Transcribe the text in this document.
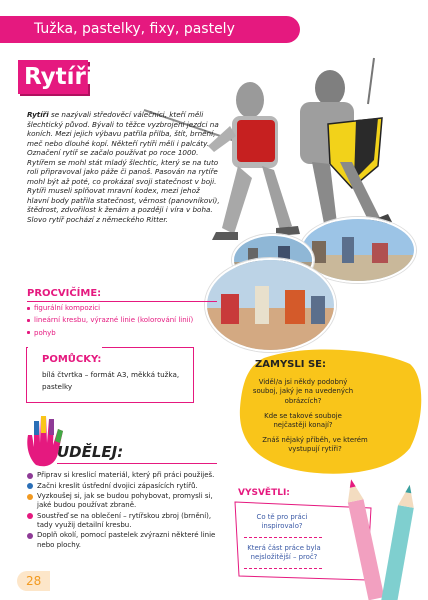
Tužka, pastelky, fixy, pastely
Rytíři

Rytíři se nazývali středověcí válečníci, kteří měli šlechtický původ. Bývali to těžce vyzbrojení jezdci na koních. Mezi jejich výbavu patřila přilba, štít, brnění, meč nebo dlouhé kopí. Někteří rytíři měli i palcáty.

Označení rytíř se začalo používat po roce 1000. Rytířem se mohl stát mladý šlechtic, který se na tuto roli připravoval jako páže či panoš. Pasován na rytíře mohl být až poté, co prokázal svoji statečnost v boji. Rytíři museli splňovat mravní kodex, mezi jehož hlavní body patřila statečnost, věrnost (panovníkovi), štědrost, zdvořilost k ženám a později i víra v boha. Slovo rytíř pochází z německého Ritter.

PROCVIČÍME:
figurální kompozici
lineární kresbu, výrazné linie (kolorování linií)
pohyb
POMŮCKY:
bílá čtvrtka – formát A3, měkká tužka, pastelky
ZAMYSLI SE:
Viděl/a jsi někdy podobný souboj, jaký je na uvedených obrázcích?
Kde se takové souboje nejčastěji konají?
Znáš nějaký příběh, ve kterém vystupují rytíři?
UDĚLEJ:
Připrav si kreslicí materiál, který při práci použiješ.
Začni kreslit ústřední dvojici zápasících rytířů.
Vyzkoušej si, jak se budou pohybovat, promysli si, jaké budou používat zbraně.
Soustřeď se na oblečení – rytířskou zbroj (brnění), tady využij detailní kresbu.
Doplň okolí, pomocí pastelek zvýrazni některé linie nebo plochy.
VYSVĚTLI:
Co tě pro práci inspirovalo?
Která část práce byla nejsložitější – proč?
28
